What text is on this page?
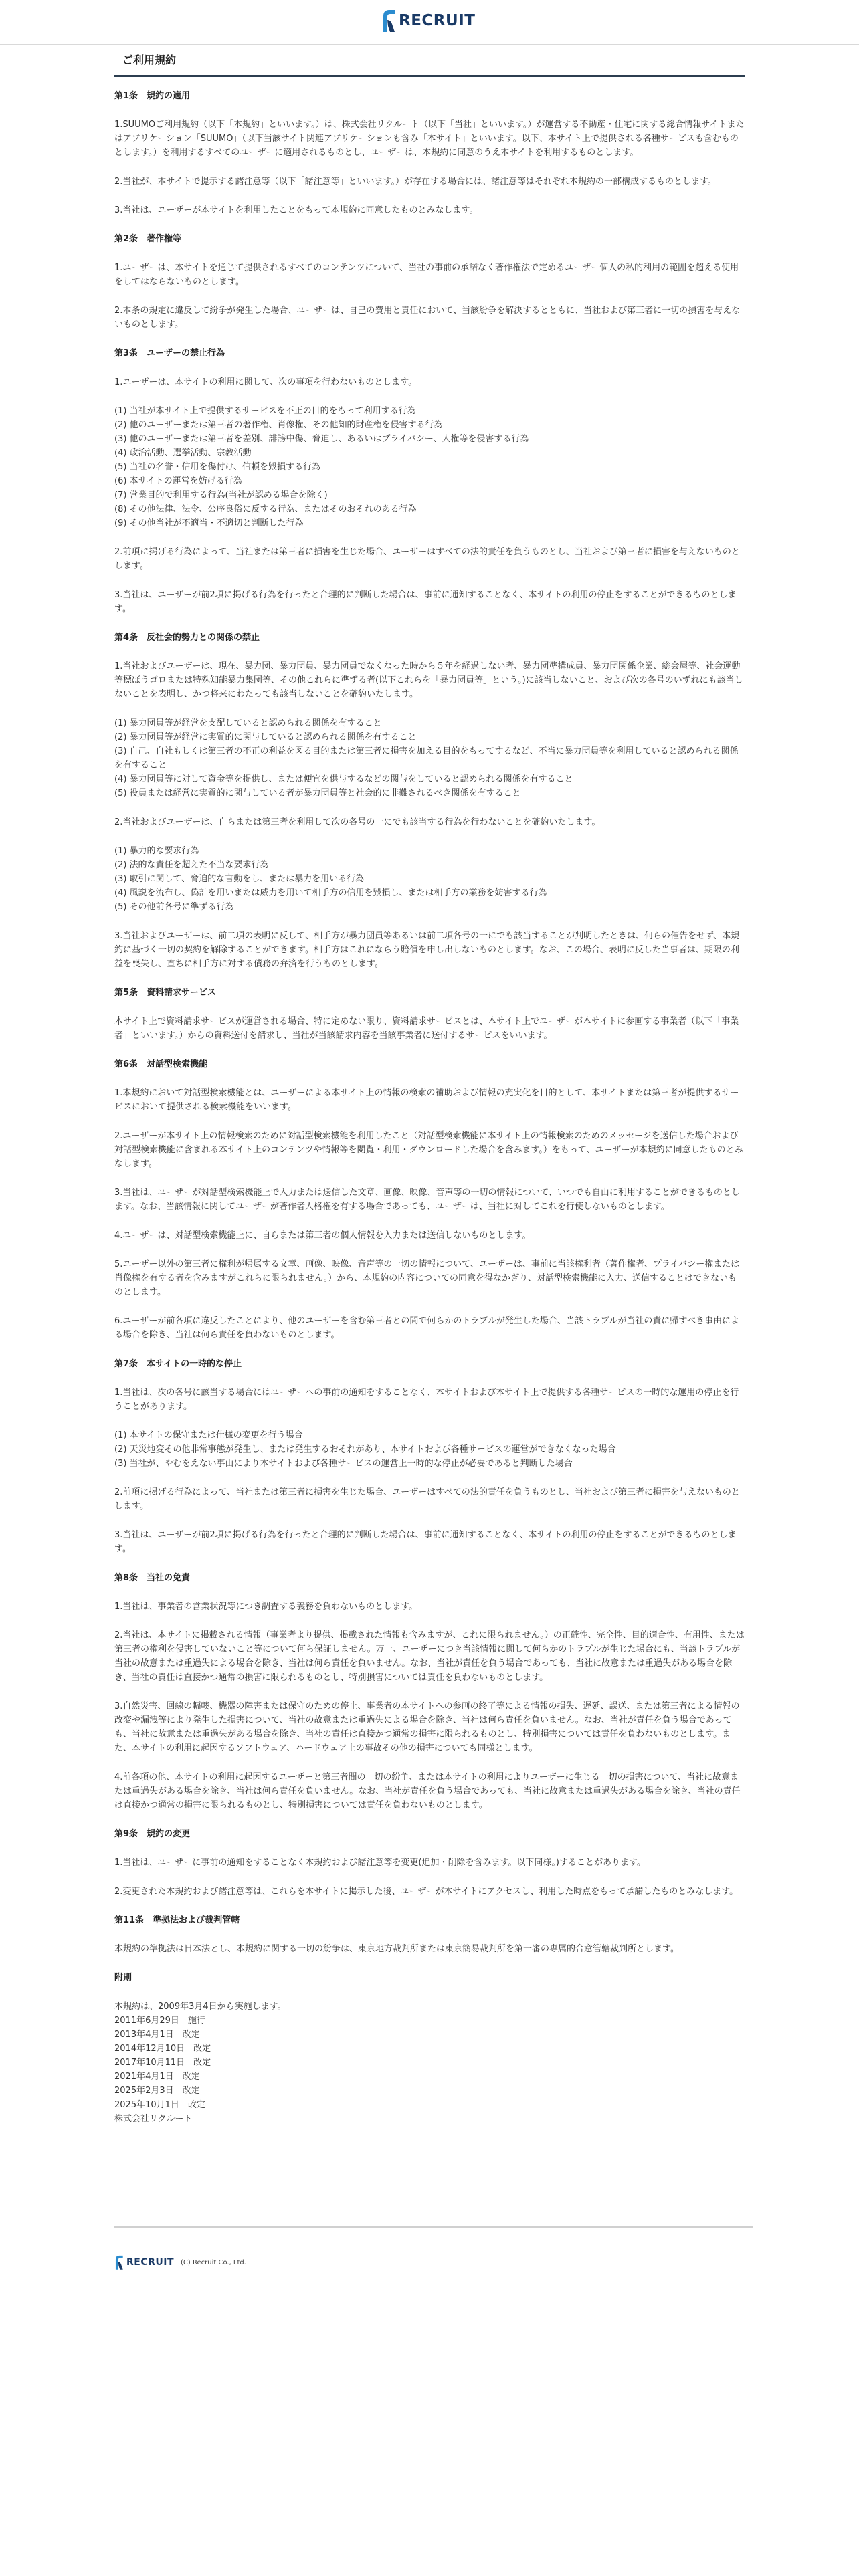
RECRUIT
ご利用規約
第1条　規約の適用

1.SUUMOご利用規約（以下「本規約」といいます。）は、株式会社リクルート（以下「当社」といいます。）が運営する不動産・住宅に関する総合情報サイトまたはアプリケーション「SUUMO」（以下当該サイト関連アプリケーションも含み「本サイト」といいます。以下、本サイト上で提供される各種サービスも含むものとします。）を利用するすべてのユーザーに適用されるものとし、ユーザーは、本規約に同意のうえ本サイトを利用するものとします。

2.当社が、本サイトで提示する諸注意等（以下「諸注意等」といいます。）が存在する場合には、諸注意等はそれぞれ本規約の一部構成するものとします。

3.当社は、ユーザーが本サイトを利用したことをもって本規約に同意したものとみなします。

第2条　著作権等

1.ユーザーは、本サイトを通じて提供されるすべてのコンテンツについて、当社の事前の承諾なく著作権法で定めるユーザー個人の私的利用の範囲を超える使用をしてはならないものとします。

2.本条の規定に違反して紛争が発生した場合、ユーザーは、自己の費用と責任において、当該紛争を解決するとともに、当社および第三者に一切の損害を与えないものとします。

第3条　ユーザーの禁止行為

1.ユーザーは、本サイトの利用に関して、次の事項を行わないものとします。

(1) 当社が本サイト上で提供するサービスを不正の目的をもって利用する行為
(2) 他のユーザーまたは第三者の著作権、肖像権、その他知的財産権を侵害する行為
(3) 他のユーザーまたは第三者を差別、誹謗中傷、脅迫し、あるいはプライバシー、人権等を侵害する行為
(4) 政治活動、選挙活動、宗教活動
(5) 当社の名誉・信用を傷付け、信頼を毀損する行為
(6) 本サイトの運営を妨げる行為
(7) 営業目的で利用する行為(当社が認める場合を除く)
(8) その他法律、法令、公序良俗に反する行為、またはそのおそれのある行為
(9) その他当社が不適当・不適切と判断した行為

2.前項に掲げる行為によって、当社または第三者に損害を生じた場合、ユーザーはすべての法的責任を負うものとし、当社および第三者に損害を与えないものとします。

3.当社は、ユーザーが前2項に掲げる行為を行ったと合理的に判断した場合は、事前に通知することなく、本サイトの利用の停止をすることができるものとします。

第4条　反社会的勢力との関係の禁止

1.当社およびユーザーは、現在、暴力団、暴力団員、暴力団員でなくなった時から５年を経過しない者、暴力団準構成員、暴力団関係企業、総会屋等、社会運動等標ぼうゴロまたは特殊知能暴力集団等、その他これらに準ずる者(以下これらを「暴力団員等」という。)に該当しないこと、および次の各号のいずれにも該当しないことを表明し、かつ将来にわたっても該当しないことを確約いたします。

(1) 暴力団員等が経営を支配していると認められる関係を有すること
(2) 暴力団員等が経営に実質的に関与していると認められる関係を有すること
(3) 自己、自社もしくは第三者の不正の利益を図る目的または第三者に損害を加える目的をもってするなど、不当に暴力団員等を利用していると認められる関係を有すること
(4) 暴力団員等に対して資金等を提供し、または便宜を供与するなどの関与をしていると認められる関係を有すること
(5) 役員または経営に実質的に関与している者が暴力団員等と社会的に非難されるべき関係を有すること

2.当社およびユーザーは、自らまたは第三者を利用して次の各号の一にでも該当する行為を行わないことを確約いたします。

(1) 暴力的な要求行為
(2) 法的な責任を超えた不当な要求行為
(3) 取引に関して、脅迫的な言動をし、または暴力を用いる行為
(4) 風説を流布し、偽計を用いまたは威力を用いて相手方の信用を毀損し、または相手方の業務を妨害する行為
(5) その他前各号に準ずる行為

3.当社およびユーザーは、前二項の表明に反して、相手方が暴力団員等あるいは前二項各号の一にでも該当することが判明したときは、何らの催告をせず、本規約に基づく一切の契約を解除することができます。相手方はこれにならう賠償を申し出しないものとします。なお、この場合、表明に反した当事者は、期限の利益を喪失し、直ちに相手方に対する債務の弁済を行うものとします。

第5条　資料請求サービス

本サイト上で資料請求サービスが運営される場合、特に定めない限り、資料請求サービスとは、本サイト上でユーザーが本サイトに参画する事業者（以下「事業者」といいます。）からの資料送付を請求し、当社が当該請求内容を当該事業者に送付するサービスをいいます。

第6条　対話型検索機能

1.本規約において対話型検索機能とは、ユーザーによる本サイト上の情報の検索の補助および情報の充実化を目的として、本サイトまたは第三者が提供するサービスにおいて提供される検索機能をいいます。

2.ユーザーが本サイト上の情報検索のために対話型検索機能を利用したこと（対話型検索機能に本サイト上の情報検索のためのメッセージを送信した場合および対話型検索機能に含まれる本サイト上のコンテンツや情報等を閲覧・利用・ダウンロードした場合を含みます。）をもって、ユーザーが本規約に同意したものとみなします。

3.当社は、ユーザーが対話型検索機能上で入力または送信した文章、画像、映像、音声等の一切の情報について、いつでも自由に利用することができるものとします。なお、当該情報に関してユーザーが著作者人格権を有する場合であっても、ユーザーは、当社に対してこれを行使しないものとします。

4.ユーザーは、対話型検索機能上に、自らまたは第三者の個人情報を入力または送信しないものとします。

5.ユーザー以外の第三者に権利が帰属する文章、画像、映像、音声等の一切の情報について、ユーザーは、事前に当該権利者（著作権者、プライバシー権または肖像権を有する者を含みますがこれらに限られません。）から、本規約の内容についての同意を得なかぎり、対話型検索機能に入力、送信することはできないものとします。

6.ユーザーが前各項に違反したことにより、他のユーザーを含む第三者との間で何らかのトラブルが発生した場合、当該トラブルが当社の責に帰すべき事由による場合を除き、当社は何ら責任を負わないものとします。

第7条　本サイトの一時的な停止

1.当社は、次の各号に該当する場合にはユーザーへの事前の通知をすることなく、本サイトおよび本サイト上で提供する各種サービスの一時的な運用の停止を行うことがあります。

(1) 本サイトの保守または仕様の変更を行う場合
(2) 天災地変その他非常事態が発生し、または発生するおそれがあり、本サイトおよび各種サービスの運営ができなくなった場合
(3) 当社が、やむをえない事由により本サイトおよび各種サービスの運営上一時的な停止が必要であると判断した場合

2.前項に掲げる行為によって、当社または第三者に損害を生じた場合、ユーザーはすべての法的責任を負うものとし、当社および第三者に損害を与えないものとします。

3.当社は、ユーザーが前2項に掲げる行為を行ったと合理的に判断した場合は、事前に通知することなく、本サイトの利用の停止をすることができるものとします。

第8条　当社の免責

1.当社は、事業者の営業状況等につき調査する義務を負わないものとします。

2.当社は、本サイトに掲載される情報（事業者より提供、掲載された情報も含みますが、これに限られません。）の正確性、完全性、目的適合性、有用性、または第三者の権利を侵害していないこと等について何ら保証しません。万一、ユーザーにつき当該情報に関して何らかのトラブルが生じた場合にも、当該トラブルが当社の故意または重過失による場合を除き、当社は何ら責任を負いません。なお、当社が責任を負う場合であっても、当社に故意または重過失がある場合を除き、当社の責任は直接かつ通常の損害に限られるものとし、特別損害については責任を負わないものとします。

3.自然災害、回線の輻輳、機器の障害または保守のための停止、事業者の本サイトへの参画の終了等による情報の損失、遅延、誤送、または第三者による情報の改変や漏洩等により発生した損害について、当社の故意または重過失による場合を除き、当社は何ら責任を負いません。なお、当社が責任を負う場合であっても、当社に故意または重過失がある場合を除き、当社の責任は直接かつ通常の損害に限られるものとし、特別損害については責任を負わないものとします。また、本サイトの利用に起因するソフトウェア、ハードウェア上の事故その他の損害についても同様とします。

4.前各項の他、本サイトの利用に起因するユーザーと第三者間の一切の紛争、または本サイトの利用によりユーザーに生じる一切の損害について、当社に故意または重過失がある場合を除き、当社は何ら責任を負いません。なお、当社が責任を負う場合であっても、当社に故意または重過失がある場合を除き、当社の責任は直接かつ通常の損害に限られるものとし、特別損害については責任を負わないものとします。

第9条　規約の変更

1.当社は、ユーザーに事前の通知をすることなく本規約および諸注意等を変更(追加・削除を含みます。以下同様。)することがあります。

2.変更された本規約および諸注意等は、これらを本サイトに掲示した後、ユーザーが本サイトにアクセスし、利用した時点をもって承諾したものとみなします。

第11条　準拠法および裁判管轄

本規約の準拠法は日本法とし、本規約に関する一切の紛争は、東京地方裁判所または東京簡易裁判所を第一審の専属的合意管轄裁判所とします。

附則
本規約は、2009年3月4日から実施します。
2011年6月29日　施行
2013年4月1日　改定
2014年12月10日　改定
2017年10月11日　改定
2021年4月1日　改定
2025年2月3日　改定
2025年10月1日　改定
株式会社リクルート
RECRUIT (C) Recruit Co., Ltd.
